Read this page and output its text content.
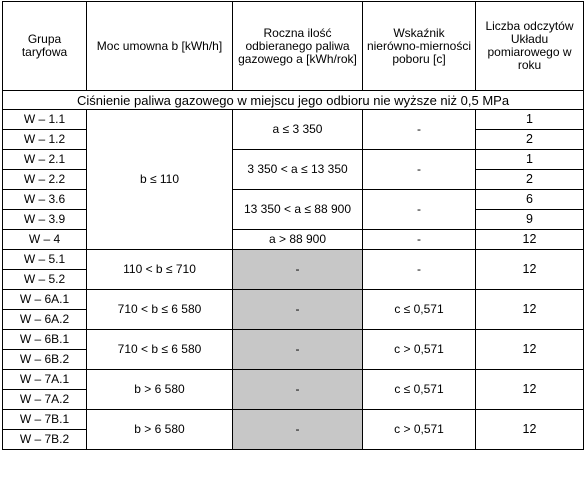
Grupa taryfowa	Moc umowna b [kWh/h]	Roczna ilość odbieranego paliwa gazowego a [kWh/rok]	Wskaźnik nierówno-mierności poboru [c]	Liczba odczytów Układu pomiarowego w roku
Ciśnienie paliwa gazowego w miejscu jego odbioru nie wyższe niż 0,5 MPa				
W – 1.1	b ≤ 110	a ≤ 3 350	-	1
W – 1.2				2
W – 2.1		3 350 < a ≤ 13 350	-	1
W – 2.2				2
W – 3.6		13 350 < a ≤ 88 900	-	6
W – 3.9				9
W – 4		a > 88 900	-	12
W – 5.1	110 < b ≤ 710	-	-	12
W – 5.2				
W – 6A.1	710 < b ≤ 6 580	-	c ≤ 0,571	12
W – 6A.2				
W – 6B.1	710 < b ≤ 6 580	-	c > 0,571	12
W – 6B.2				
W – 7A.1	b > 6 580	-	c ≤ 0,571	12
W – 7A.2				
W – 7B.1	b > 6 580	-	c > 0,571	12
W – 7B.2				
